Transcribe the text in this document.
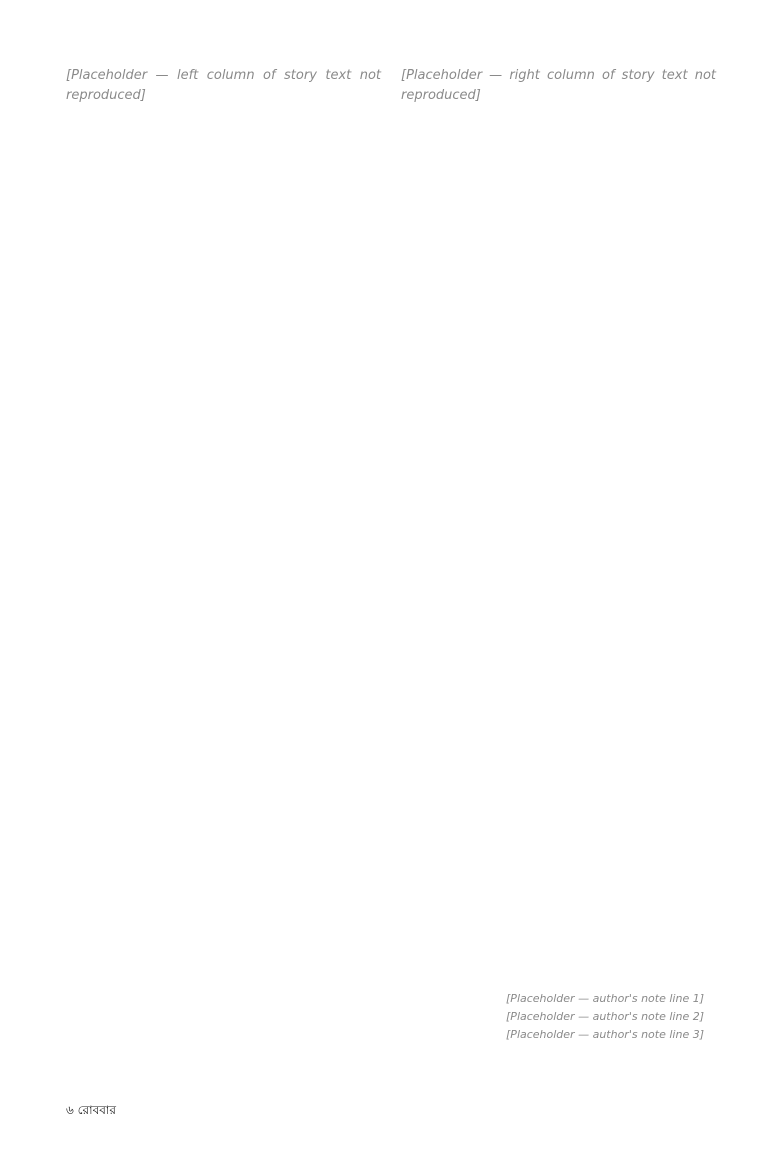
[Placeholder — left column of story text not reproduced]

[Placeholder — right column of story text not reproduced]

[Placeholder — author's note line 1]

[Placeholder — author's note line 2]

[Placeholder — author's note line 3]

৬ রোববার
